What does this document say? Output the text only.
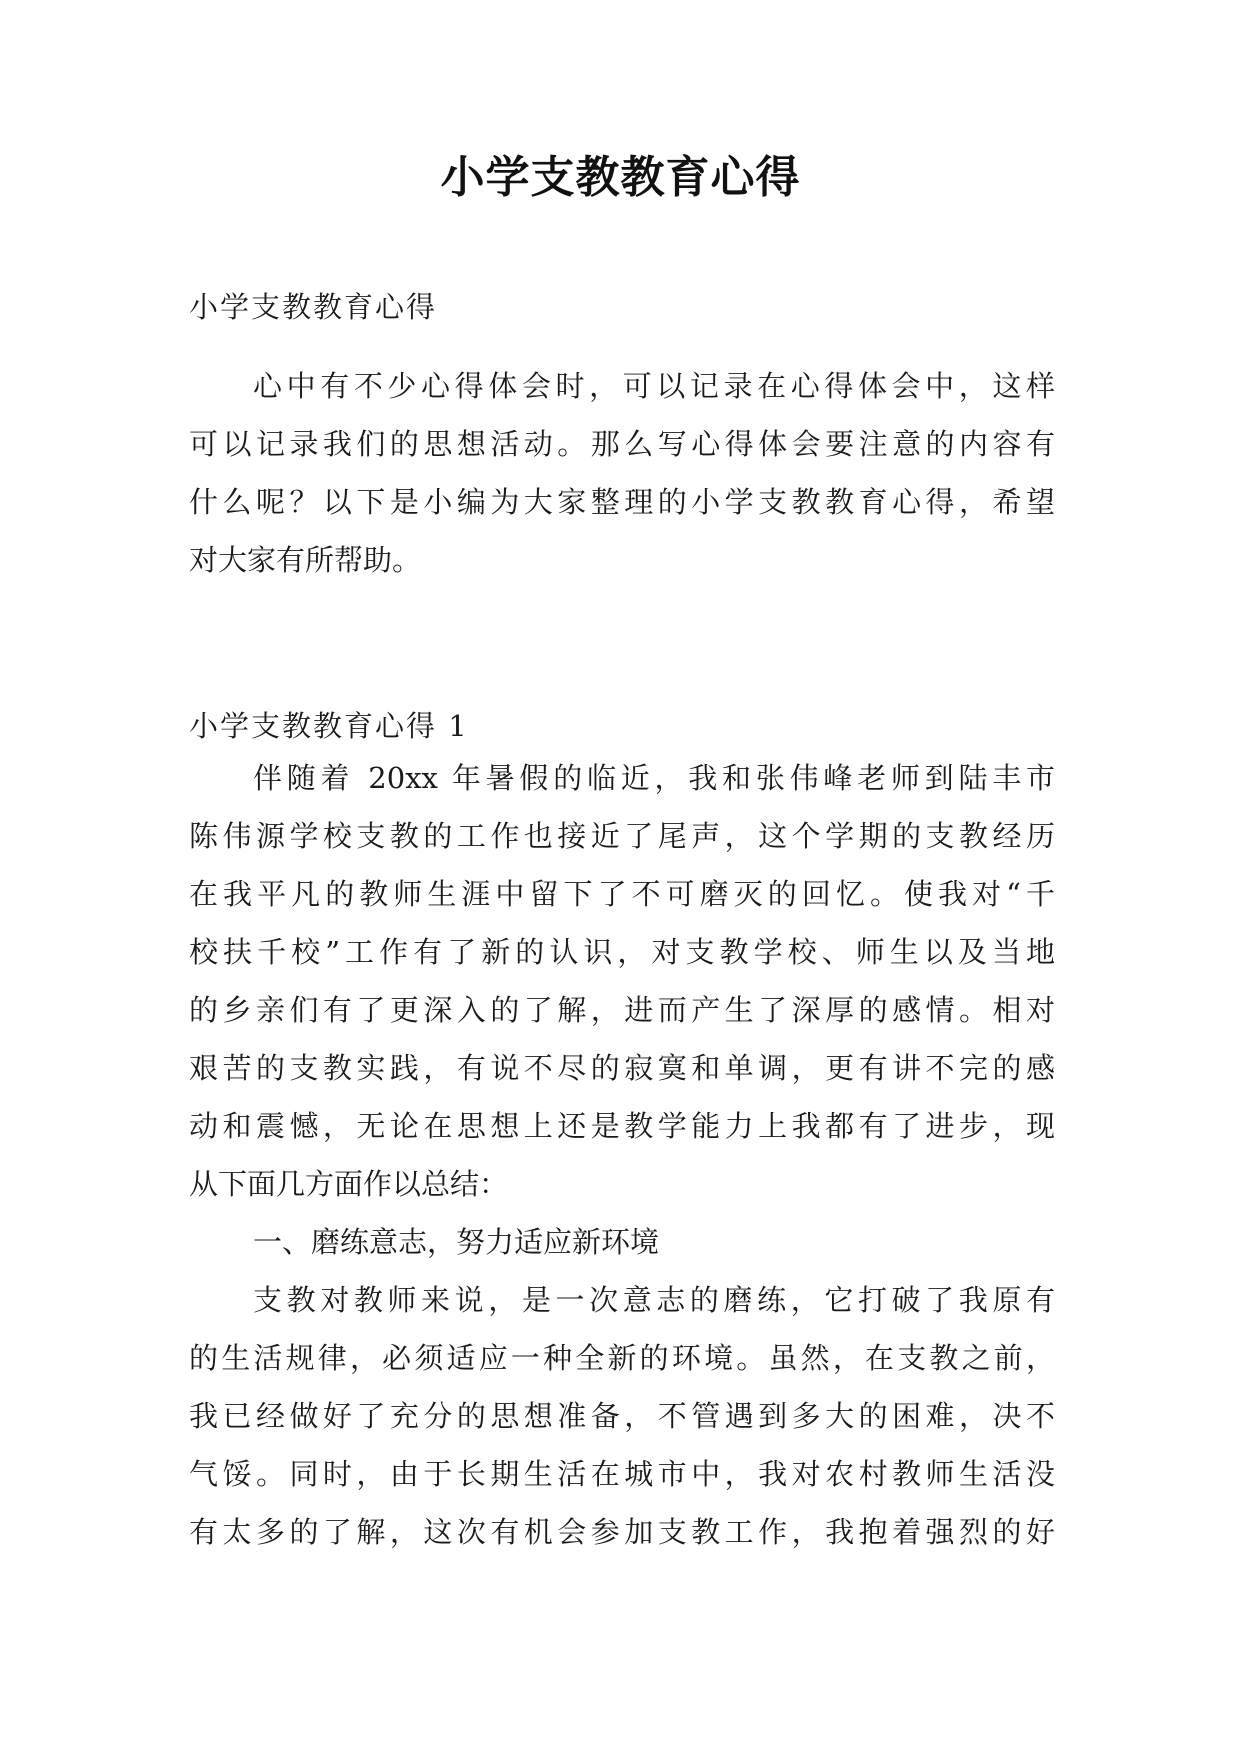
小学支教教育心得
小学支教教育心得
心中有不少心得体会时，可以记录在心得体会中，这样
可以记录我们的思想活动。那么写心得体会要注意的内容有
什么呢？以下是小编为大家整理的小学支教教育心得，希望
对大家有所帮助。
小学支教教育心得 1
伴随着 20xx 年暑假的临近，我和张伟峰老师到陆丰市
陈伟源学校支教的工作也接近了尾声，这个学期的支教经历
在我平凡的教师生涯中留下了不可磨灭的回忆。使我对“千
校扶千校”工作有了新的认识，对支教学校、师生以及当地
的乡亲们有了更深入的了解，进而产生了深厚的感情。相对
艰苦的支教实践，有说不尽的寂寞和单调，更有讲不完的感
动和震憾，无论在思想上还是教学能力上我都有了进步，现
从下面几方面作以总结：
一、磨练意志，努力适应新环境
支教对教师来说，是一次意志的磨练，它打破了我原有
的生活规律，必须适应一种全新的环境。虽然，在支教之前，
我已经做好了充分的思想准备，不管遇到多大的困难，决不
气馁。同时，由于长期生活在城市中，我对农村教师生活没
有太多的了解，这次有机会参加支教工作，我抱着强烈的好
